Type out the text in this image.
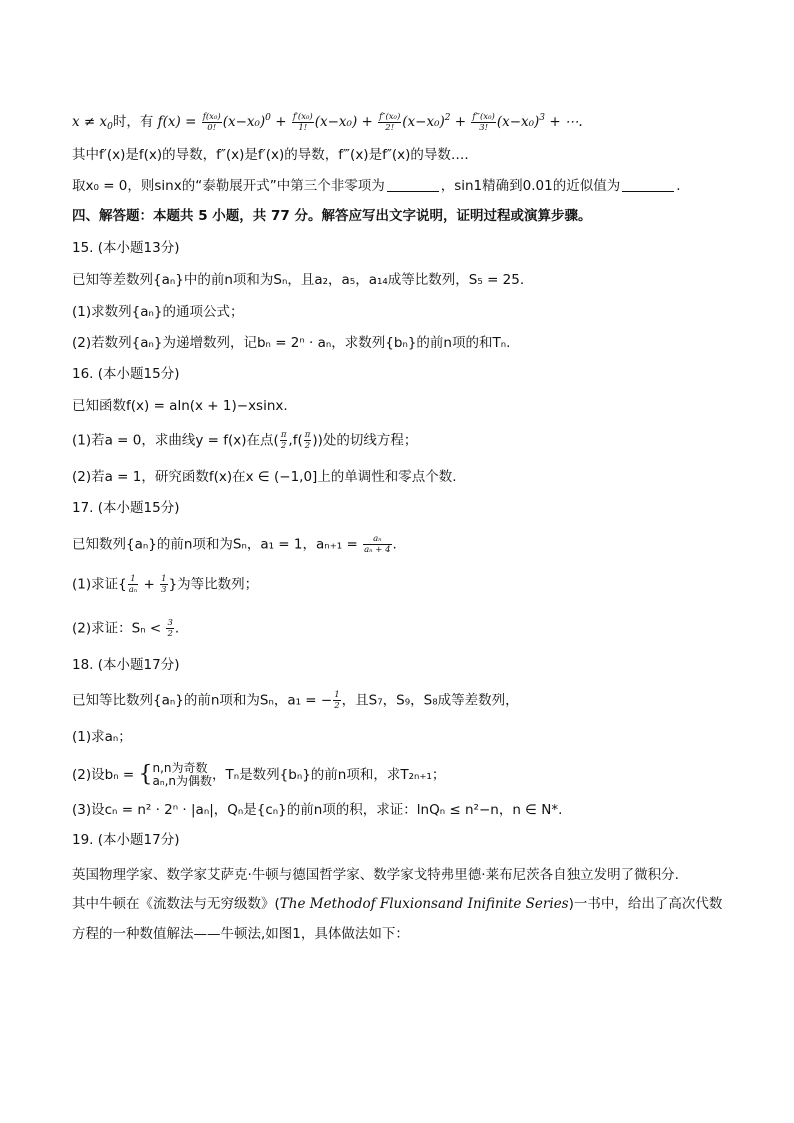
$x \ne x_0$时，有 $f(x) = \frac{\text{f(x₀)}}{0!} (x-x_0)^0 + \frac{\text{f′(x₀)}}{1!} (x-x_0) + \frac{\text{f″(x₀)}}{2!} (x-x_0)^2 + \frac{\text{f‴(x₀)}}{3!} (x-x_0)^3$ + ⋯.
其中f′(x)是f(x)的导数，f″(x)是f′(x)的导数，f‴(x)是f″(x)的导数….
取x₀ = 0，则sinx的“泰勒展开式”中第三个非零项为	，sin1精确到0.01的近似值为	.
四、解答题：本题共 5 小题，共 77 分。解答应写出文字说明，证明过程或演算步骤。
15. (本小题13分)
已知等差数列{aₙ}中的前n项和为Sₙ，且a₂，a₅，a₁₄成等比数列，S₅ = 25.
(1)求数列{aₙ}的通项公式；
(2)若数列{aₙ}为递增数列，记bₙ = 2ⁿ · aₙ，求数列{bₙ}的前n项的和Tₙ.
16. (本小题15分)
已知函数f(x) = aln(x + 1)−xsinx.
(1)若a = 0，求曲线y = f(x)在点( $\frac{\pi}{2} ,f( \frac{\pi}{2}$ ))处的切线方程；
(2)若a = 1，研究函数f(x)在x ∈ (−1,0]上的单调性和零点个数.
17. (本小题15分)
已知数列{aₙ}的前n项和为Sₙ，a₁ = 1，$a_{n+1} = \frac{\text{aₙ}}{\text{aₙ + 4}}$ .
(1)求证{ $\frac{1}{\text{aₙ}} + \frac{1}{3}$ }为等比数列；
(2)求证：$S_n < \frac{3}{2}$ .
18. (本小题17分)
已知等比数列{aₙ}的前n项和为Sₙ，a₁ = − $\frac{1}{2}$ ，且S₇，S₉，S₈成等差数列，
(1)求aₙ；
(2)设bₙ = { n,n为奇数
aₙ,n为偶数 ，Tₙ是数列{bₙ}的前n项和，求T₂ₙ₊₁；
(3)设cₙ = n² · 2ⁿ · |aₙ|，Qₙ是{cₙ}的前n项的积，求证：lnQₙ ≤ n²−n，n ∈ N*.
19. (本小题17分)
英国物理学家、数学家艾萨克·牛顿与德国哲学家、数学家戈特弗里德·莱布尼茨各自独立发明了微积分.
其中牛顿在《流数法与无穷级数》(The Methodof Fluxionsand Inifinite Series)一书中，给出了高次代数
方程的一种数值解法——牛顿法,如图1，具体做法如下：
